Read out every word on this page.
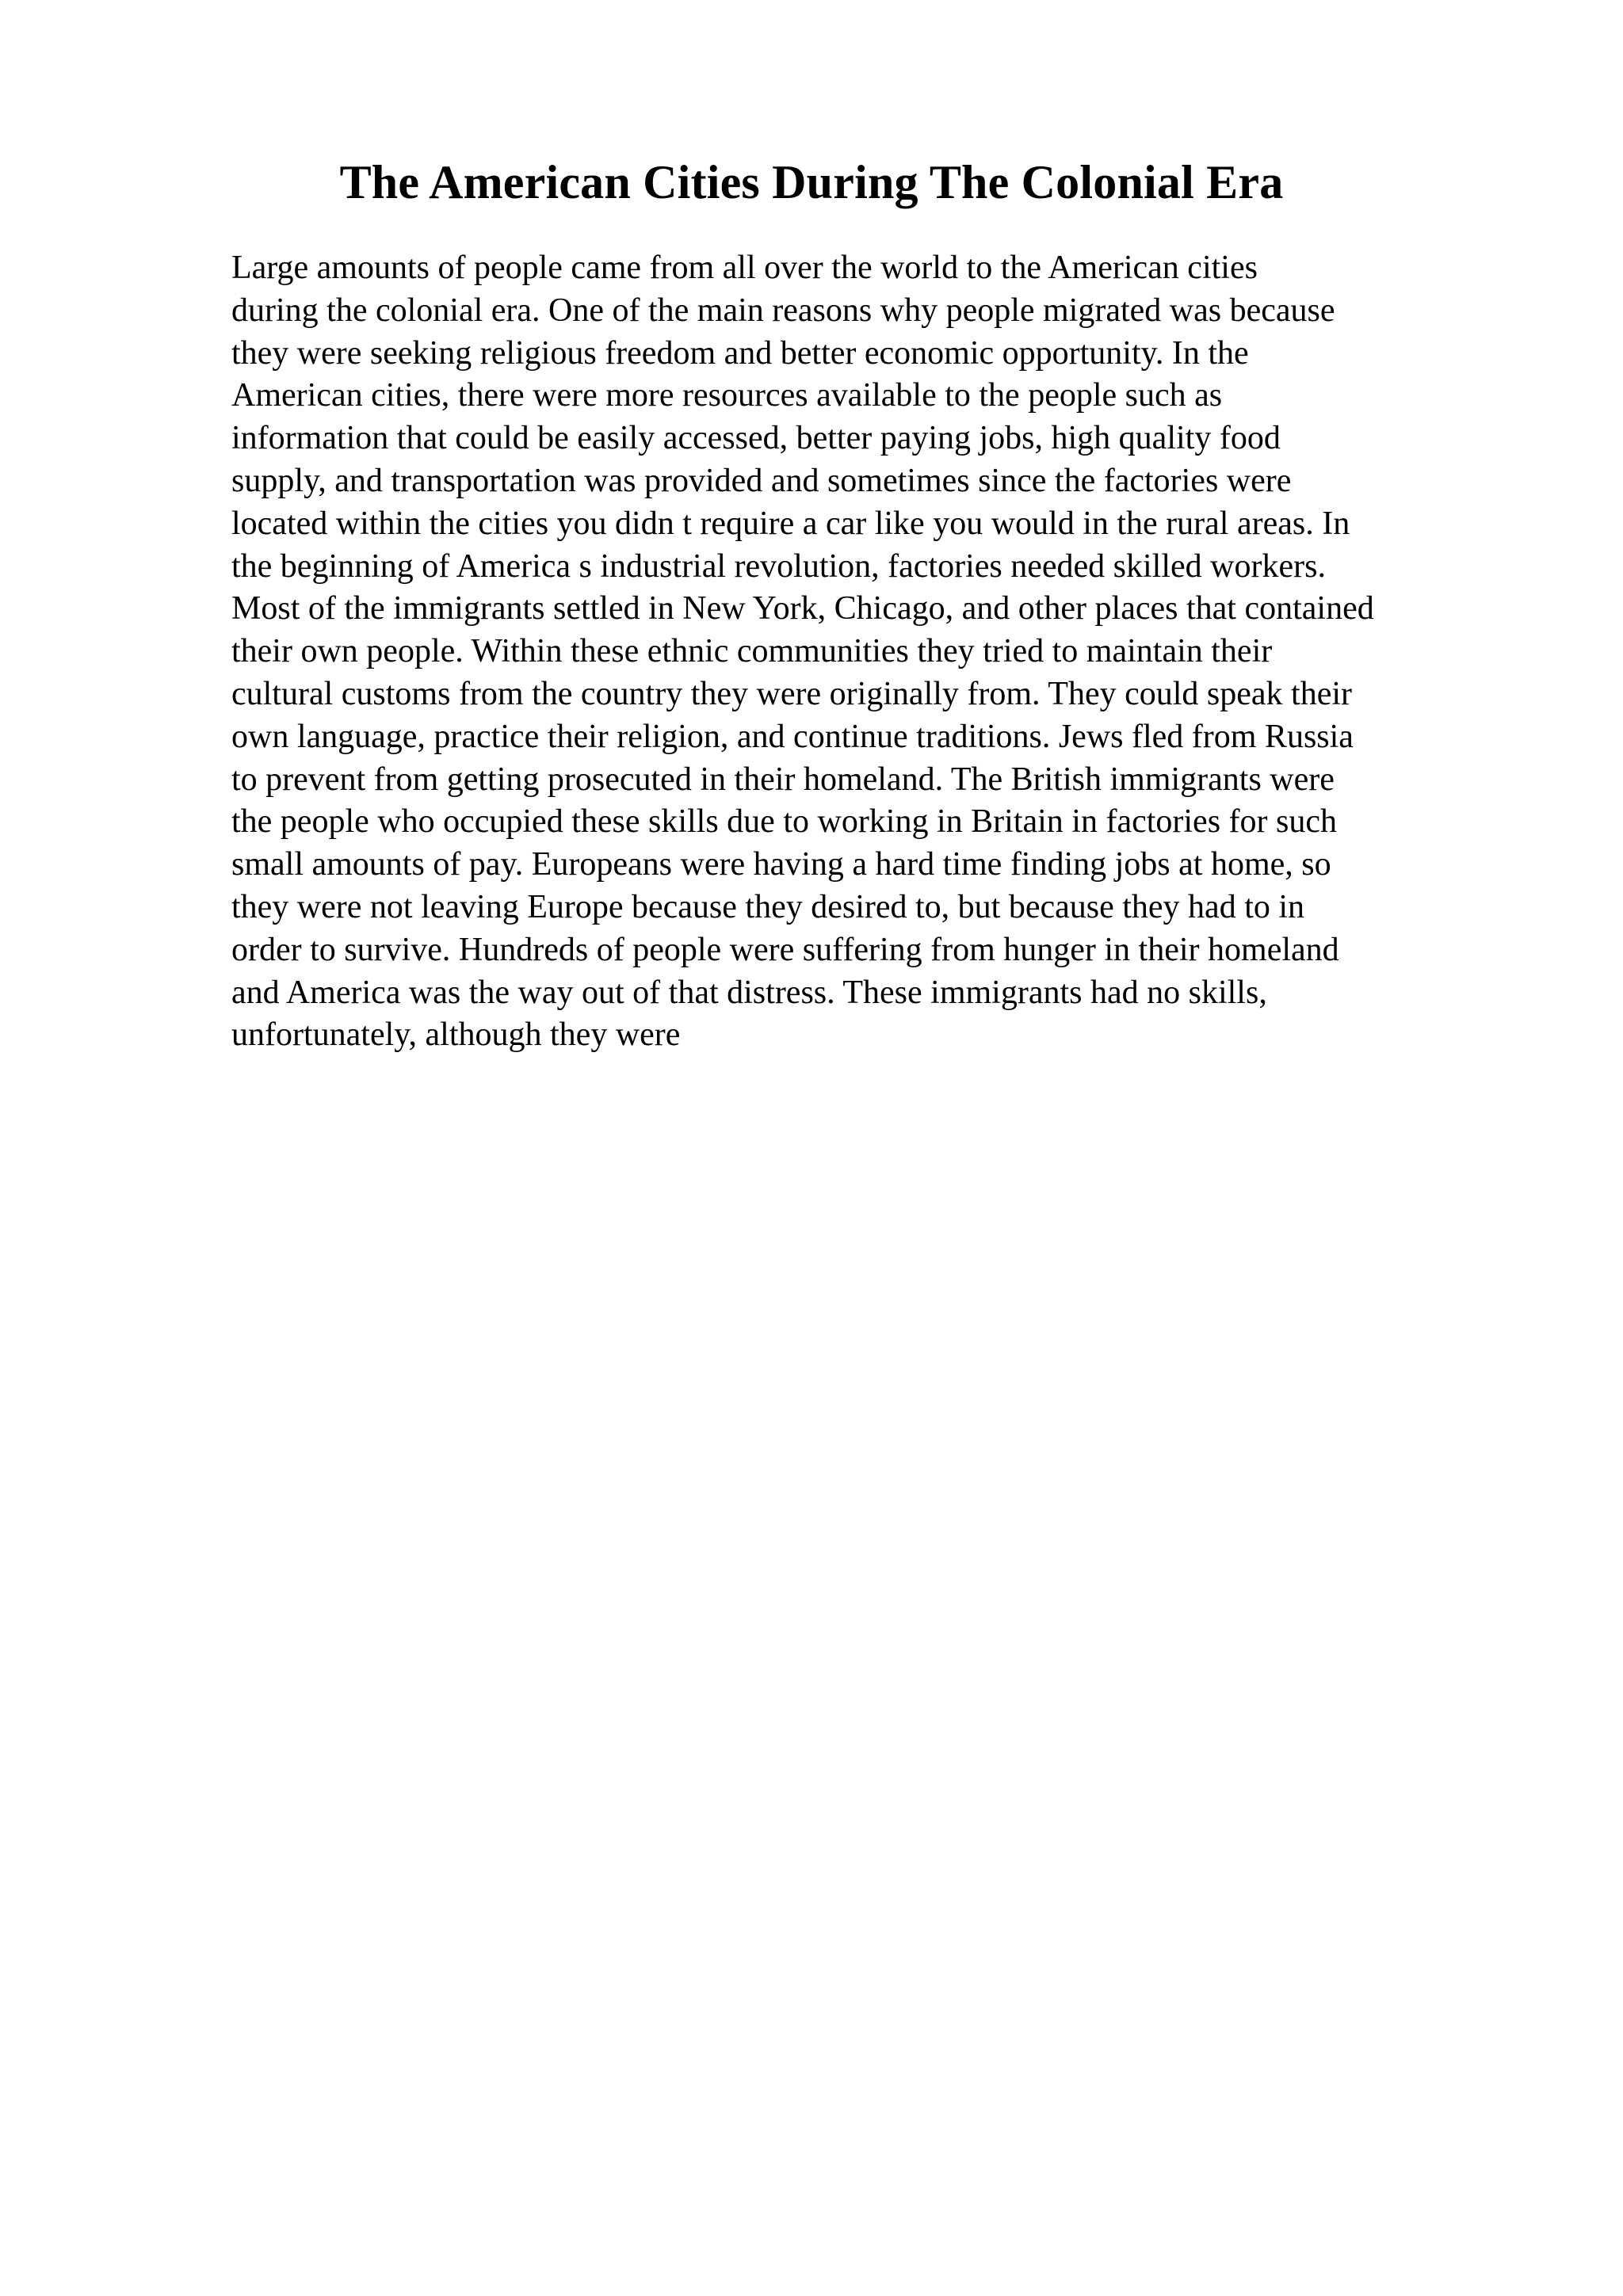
The American Cities During The Colonial Era
Large amounts of people came from all over the world to the American cities
during the colonial era. One of the main reasons why people migrated was because
they were seeking religious freedom and better economic opportunity. In the
American cities, there were more resources available to the people such as
information that could be easily accessed, better paying jobs, high quality food
supply, and transportation was provided and sometimes since the factories were
located within the cities you didn t require a car like you would in the rural areas. In
the beginning of America s industrial revolution, factories needed skilled workers.
Most of the immigrants settled in New York, Chicago, and other places that contained
their own people. Within these ethnic communities they tried to maintain their
cultural customs from the country they were originally from. They could speak their
own language, practice their religion, and continue traditions. Jews fled from Russia
to prevent from getting prosecuted in their homeland. The British immigrants were
the people who occupied these skills due to working in Britain in factories for such
small amounts of pay. Europeans were having a hard time finding jobs at home, so
they were not leaving Europe because they desired to, but because they had to in
order to survive. Hundreds of people were suffering from hunger in their homeland
and America was the way out of that distress. These immigrants had no skills,
unfortunately, although they were
